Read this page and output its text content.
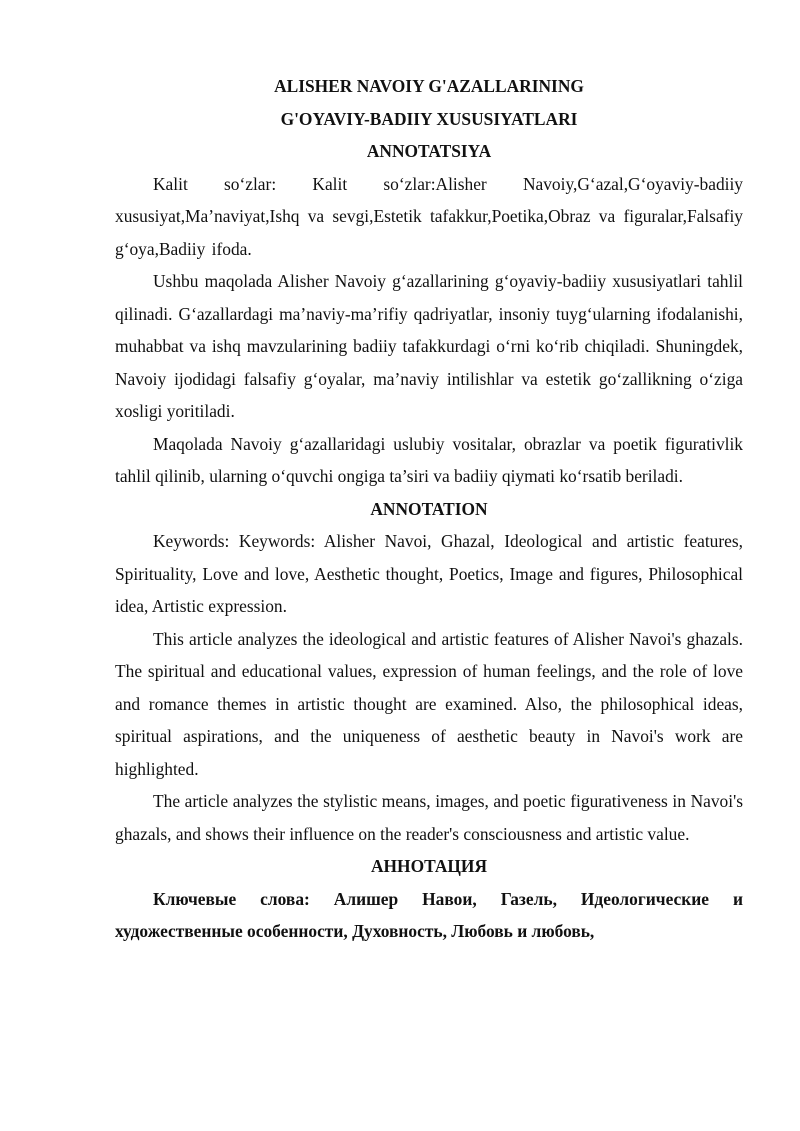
ALISHER NAVOIY G'AZALLARINING

G'OYAVIY-BADIIY XUSUSIYATLARI

ANNOTATSIYA

Kalit so‘zlar: Kalit so‘zlar:Alisher Navoiy,G‘azal,G‘oyaviy-badiiy xususiyat,Ma’naviyat,Ishq va sevgi,Estetik tafakkur,Poetika,Obraz va figuralar,Falsafiy g‘oya,Badiiy ifoda.

Ushbu maqolada Alisher Navoiy g‘azallarining g‘oyaviy-badiiy xususiyatlari tahlil qilinadi. G‘azallardagi ma’naviy-ma’rifiy qadriyatlar, insoniy tuyg‘ularning ifodalanishi, muhabbat va ishq mavzularining badiiy tafakkurdagi o‘rni ko‘rib chiqiladi. Shuningdek, Navoiy ijodidagi falsafiy g‘oyalar, ma’naviy intilishlar va estetik go‘zallikning o‘ziga xosligi yoritiladi.

Maqolada Navoiy g‘azallaridagi uslubiy vositalar, obrazlar va poetik figurativlik tahlil qilinib, ularning o‘quvchi ongiga ta’siri va badiiy qiymati ko‘rsatib beriladi.

ANNOTATION

Keywords: Keywords: Alisher Navoi, Ghazal, Ideological and artistic features, Spirituality, Love and love, Aesthetic thought, Poetics, Image and figures, Philosophical idea, Artistic expression.

This article analyzes the ideological and artistic features of Alisher Navoi's ghazals. The spiritual and educational values, expression of human feelings, and the role of love and romance themes in artistic thought are examined. Also, the philosophical ideas, spiritual aspirations, and the uniqueness of aesthetic beauty in Navoi's work are highlighted.

The article analyzes the stylistic means, images, and poetic figurativeness in Navoi's ghazals, and shows their influence on the reader's consciousness and artistic value.

АННОТАЦИЯ

Ключевые слова: Алишер Навои, Газель, Идеологические и художественные особенности, Духовность, Любовь и любовь,
